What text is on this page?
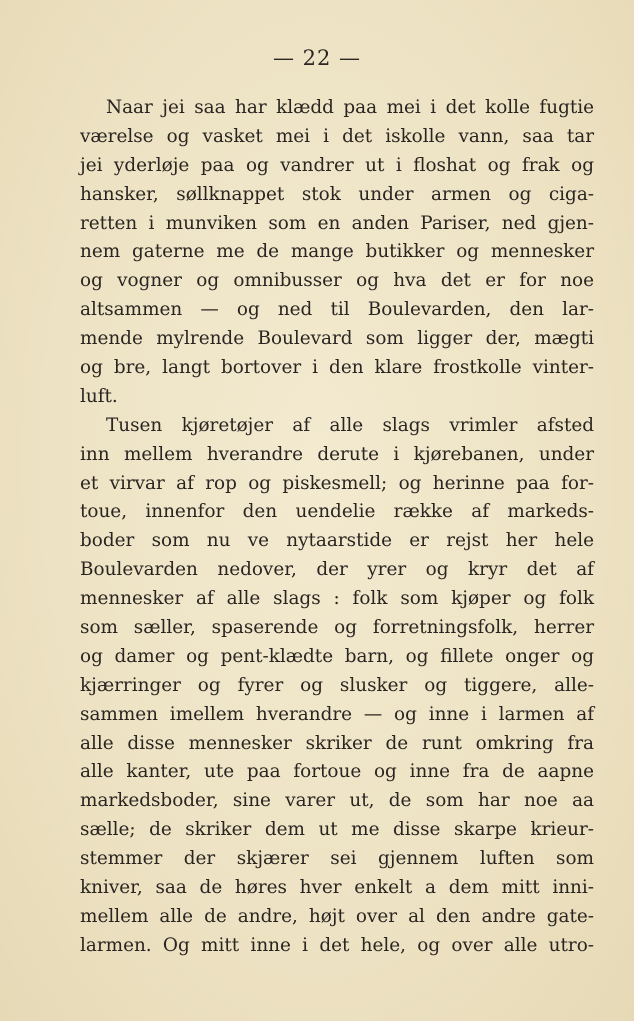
— 22 —
Naar jei saa har klædd paa mei i det kolle fugtie
værelse og vasket mei i det iskolle vann, saa tar
jei yderløje paa og vandrer ut i floshat og frak og
hansker, søllknappet stok under armen og ciga-
retten i munviken som en anden Pariser, ned gjen-
nem gaterne me de mange butikker og mennesker
og vogner og omnibusser og hva det er for noe
altsammen — og ned til Boulevarden, den lar-
mende mylrende Boulevard som ligger der, mægti
og bre, langt bortover i den klare frostkolle vinter-
luft.
Tusen kjøretøjer af alle slags vrimler afsted
inn mellem hverandre derute i kjørebanen, under
et virvar af rop og piskesmell; og herinne paa for-
toue, innenfor den uendelie række af markeds-
boder som nu ve nytaarstide er rejst her hele
Boulevarden nedover, der yrer og kryr det af
mennesker af alle slags : folk som kjøper og folk
som sæller, spaserende og forretningsfolk, herrer
og damer og pent-klædte barn, og fillete onger og
kjærringer og fyrer og slusker og tiggere, alle-
sammen imellem hverandre — og inne i larmen af
alle disse mennesker skriker de runt omkring fra
alle kanter, ute paa fortoue og inne fra de aapne
markedsboder, sine varer ut, de som har noe aa
sælle; de skriker dem ut me disse skarpe krieur-
stemmer der skjærer sei gjennem luften som
kniver, saa de høres hver enkelt a dem mitt inni-
mellem alle de andre, højt over al den andre gate-
larmen. Og mitt inne i det hele, og over alle utro-
